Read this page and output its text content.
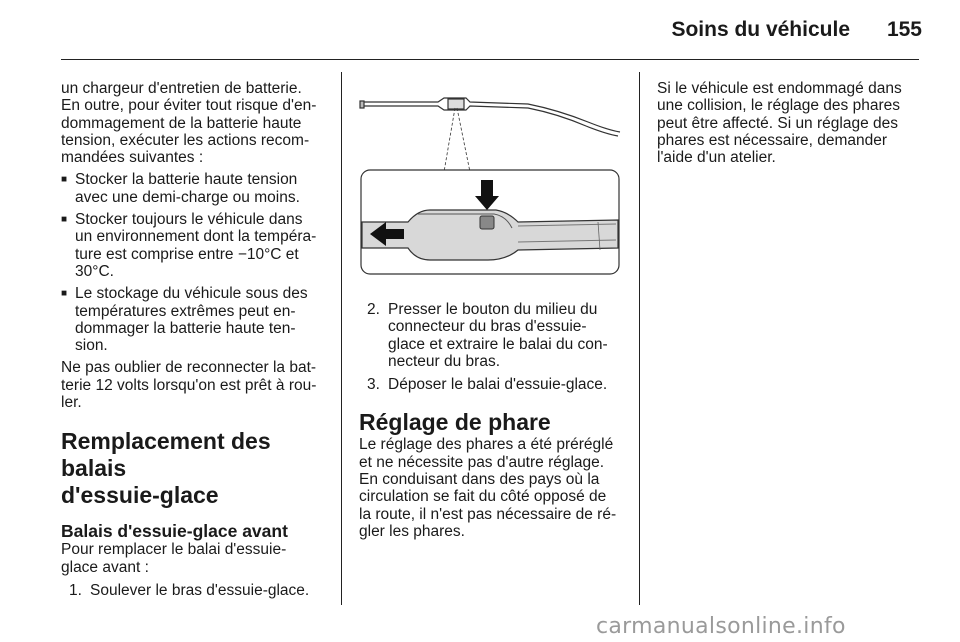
Soins du véhicule	155

un chargeur d'entretien de batterie.
En outre, pour éviter tout risque d'en-
dommagement de la batterie haute
tension, exécuter les actions recom-
mandées suivantes :

■ Stocker la batterie haute tension
avec une demi-charge ou moins.
■ Stocker toujours le véhicule dans
un environnement dont la tempéra-
ture est comprise entre −10°C et
30°C.
■ Le stockage du véhicule sous des
températures extrêmes peut en-
dommager la batterie haute ten-
sion.

Ne pas oublier de reconnecter la bat-
terie 12 volts lorsqu'on est prêt à rou-
ler.

Remplacement des balais
d'essuie-glace
Balais d'essuie-glace avant

Pour remplacer le balai d'essuie-
glace avant :

1. Soulever le bras d'essuie-glace.
2. Presser le bouton du milieu du
connecteur du bras d'essuie-
glace et extraire le balai du con-
necteur du bras.
3. Déposer le balai d'essuie-glace.
Réglage de phare

Le réglage des phares a été préréglé
et ne nécessite pas d'autre réglage.
En conduisant dans des pays où la
circulation se fait du côté opposé de
la route, il n'est pas nécessaire de ré-
gler les phares.

Si le véhicule est endommagé dans
une collision, le réglage des phares
peut être affecté. Si un réglage des
phares est nécessaire, demander
l'aide d'un atelier.

carmanualsonline.info
